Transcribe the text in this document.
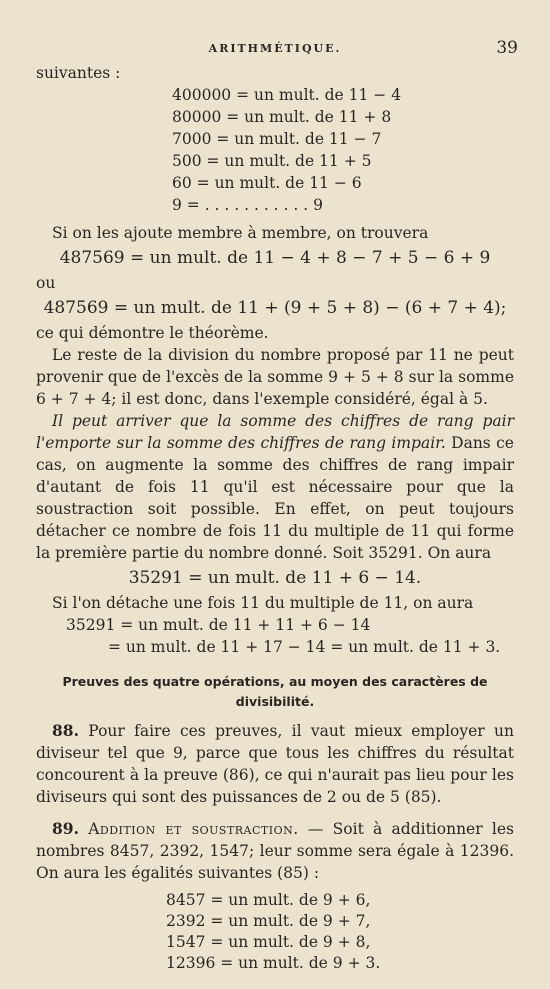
ARITHMÉTIQUE.	39

suivantes :

400000 = un mult. de 11 − 4
80000 = un mult. de 11 + 8
7000 = un mult. de 11 − 7
500 = un mult. de 11 + 5
60 = un mult. de 11 − 6
9 = . . . . . . . . . . . 9

Si on les ajoute membre à membre, on trouvera

487569 = un mult. de 11 − 4 + 8 − 7 + 5 − 6 + 9

ou

487569 = un mult. de 11 + (9 + 5 + 8) − (6 + 7 + 4);

ce qui démontre le théorème.

Le reste de la division du nombre proposé par 11 ne peut provenir que de l'excès de la somme 9 + 5 + 8 sur la somme 6 + 7 + 4; il est donc, dans l'exemple considéré, égal à 5.

Il peut arriver que la somme des chiffres de rang pair l'emporte sur la somme des chiffres de rang impair. Dans ce cas, on augmente la somme des chiffres de rang impair d'autant de fois 11 qu'il est nécessaire pour que la soustraction soit possible. En effet, on peut toujours détacher ce nombre de fois 11 du multiple de 11 qui forme la première partie du nombre donné. Soit 35291. On aura

35291 = un mult. de 11 + 6 − 14.

Si l'on détache une fois 11 du multiple de 11, on aura

35291 = un mult. de 11 + 11 + 6 − 14
= un mult. de 11 + 17 − 14 = un mult. de 11 + 3.
Preuves des quatre opérations, au moyen des caractères de divisibilité.

88. Pour faire ces preuves, il vaut mieux employer un diviseur tel que 9, parce que tous les chiffres du résultat concourent à la preuve (86), ce qui n'aurait pas lieu pour les diviseurs qui sont des puissances de 2 ou de 5 (85).

89. Addition et soustraction. — Soit à additionner les nombres 8457, 2392, 1547; leur somme sera égale à 12396. On aura les égalités suivantes (85) :

8457 = un mult. de 9 + 6,
2392 = un mult. de 9 + 7,
1547 = un mult. de 9 + 8,
12396 = un mult. de 9 + 3.
